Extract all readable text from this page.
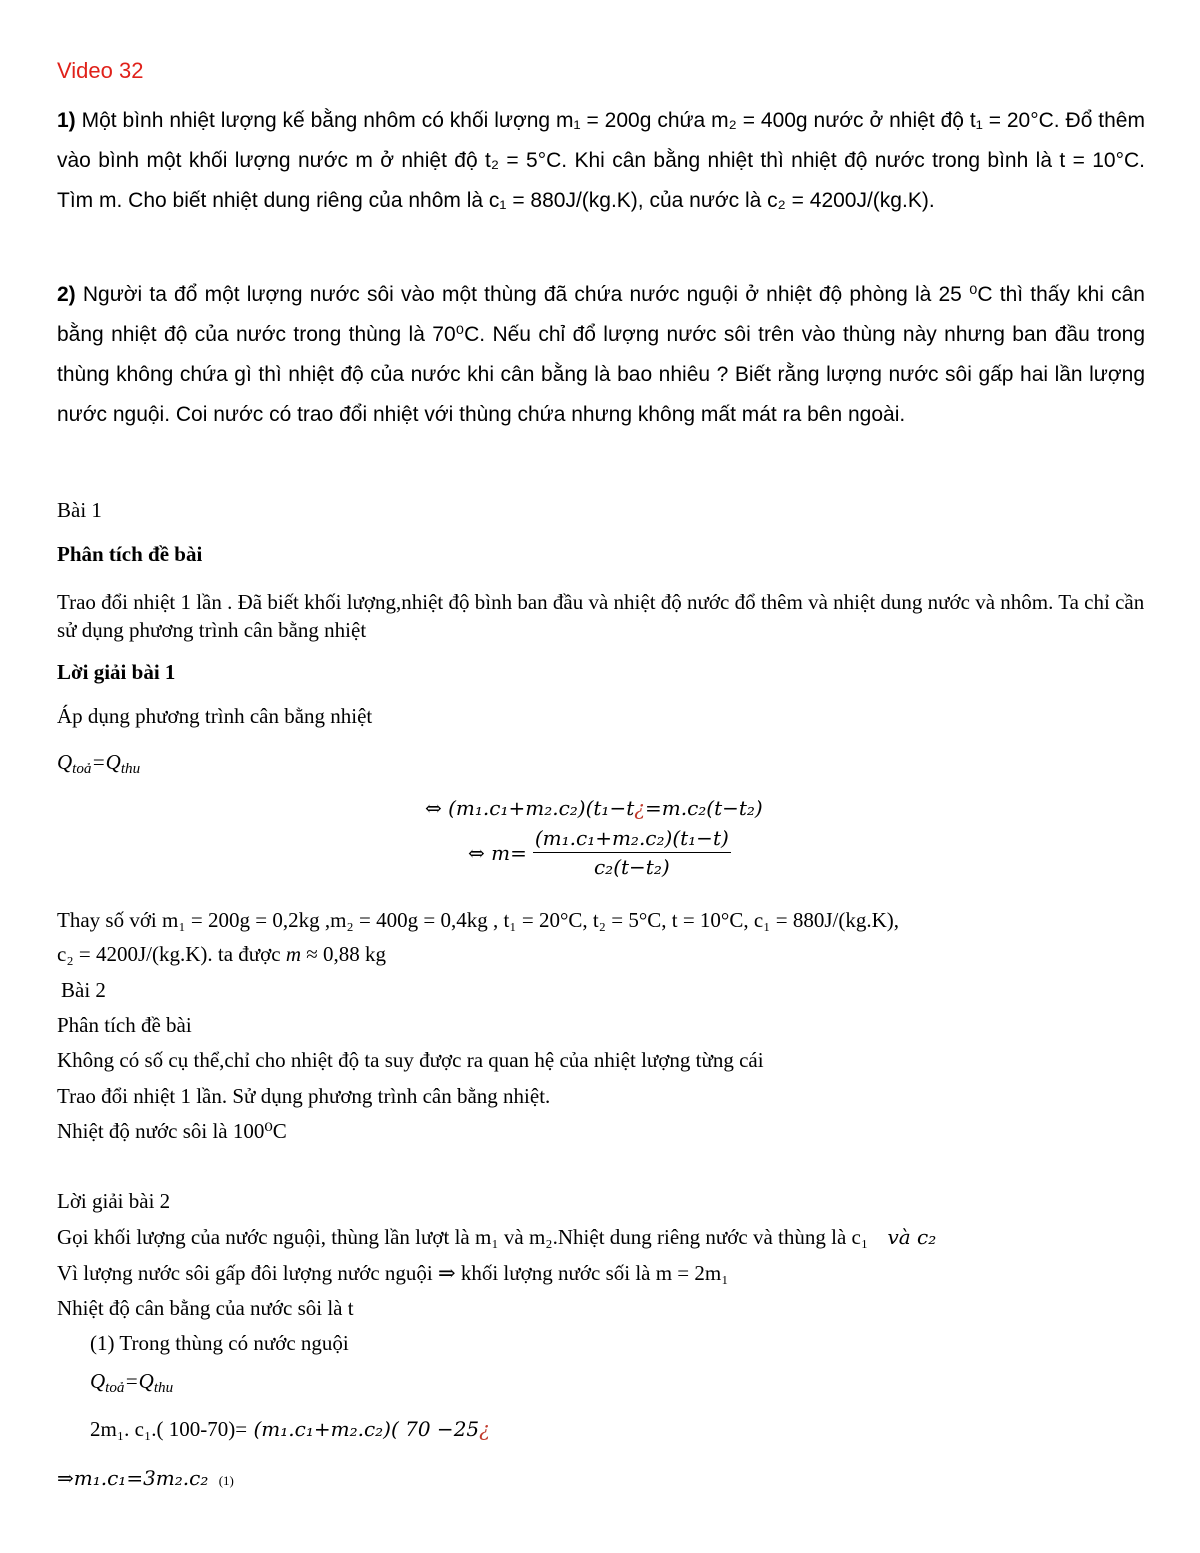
Video 32
1) Một bình nhiệt lượng kế bằng nhôm có khối lượng m₁ = 200g chứa m₂ = 400g nước ở nhiệt độ t₁ = 20°C. Đổ thêm vào bình một khối lượng nước m ở nhiệt độ t₂ = 5°C. Khi cân bằng nhiệt thì nhiệt độ nước trong bình là t = 10°C. Tìm m. Cho biết nhiệt dung riêng của nhôm là c₁ = 880J/(kg.K), của nước là c₂ = 4200J/(kg.K).
2) Người ta đổ một lượng nước sôi vào một thùng đã chứa nước nguội ở nhiệt độ phòng là 25 ⁰C thì thấy khi cân bằng nhiệt độ của nước trong thùng là 70⁰C. Nếu chỉ đổ lượng nước sôi trên vào thùng này nhưng ban đầu trong thùng không chứa gì thì nhiệt độ của nước khi cân bằng là bao nhiêu ? Biết rằng lượng nước sôi gấp hai lần lượng nước nguội. Coi nước có trao đổi nhiệt với thùng chứa nhưng không mất mát ra bên ngoài.
Bài 1
Phân tích đề bài
Trao đổi nhiệt 1 lần . Đã biết khối lượng,nhiệt độ bình ban đầu và nhiệt độ nước đổ thêm và nhiệt dung nước và nhôm. Ta chỉ cần sử dụng phương trình cân bằng nhiệt
Lời giải bài 1
Áp dụng phương trình cân bằng nhiệt
$Q_{toả}=Q_{thu}$
⇔ (m₁.c₁+m₂.c₂)(t₁−t¿=m.c₂(t−t₂)
⇔ $m= \frac{\text{(m₁.c₁+m₂.c₂)(t₁−t)}}{\text{c₂(t−t₂)}}$
Thay số với m₁ = 200g = 0,2kg ,m₂ = 400g = 0,4kg , t₁ = 20°C, t₂ = 5°C, t = 10°C, c₁ = 880J/(kg.K),
c₂ = 4200J/(kg.K). ta được m ≈ 0,88 kg
Bài 2
Phân tích đề bài
Không có số cụ thể,chỉ cho nhiệt độ ta suy được ra quan hệ của nhiệt lượng từng cái
Trao đổi nhiệt 1 lần. Sử dụng phương trình cân bằng nhiệt.
Nhiệt độ nước sôi là 100⁰C
Lời giải bài 2
Gọi khối lượng của nước nguội, thùng lần lượt là m₁ và m₂.Nhiệt dung riêng nước và thùng là c₁ và c₂
Vì lượng nước sôi gấp đôi lượng nước nguội ⇒ khối lượng nước sối là m = 2m₁
Nhiệt độ cân bằng của nước sôi là t
(1) Trong thùng có nước nguội
$Q_{toả}=Q_{thu}$
2m₁. c₁.( 100-70)= (m₁.c₁+m₂.c₂)( 70 −25¿
⇒m₁.c₁=3m₂.c₂ (1)
